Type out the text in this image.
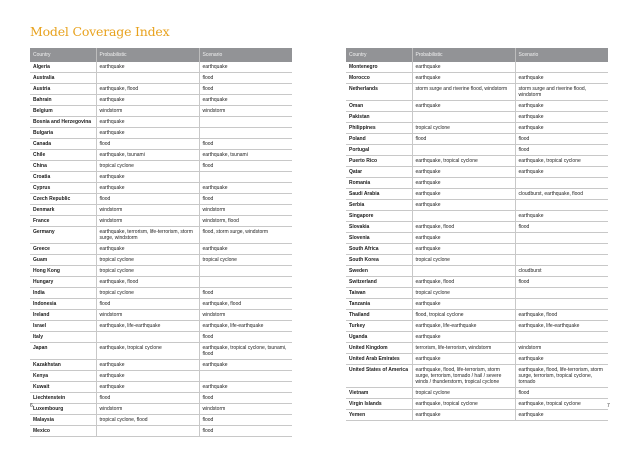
Model Coverage Index
Country	Probabilistic	Scenario
Algeria	earthquake	earthquake
Australia		flood
Austria	earthquake, flood	flood
Bahrain	earthquake	earthquake
Belgium	windstorm	windstorm
Bosnia and Herzegovina	earthquake	
Bulgaria	earthquake	
Canada	flood	flood
Chile	earthquake, tsunami	earthquake, tsunami
China	tropical cyclone	flood
Croatia	earthquake	
Cyprus	earthquake	earthquake
Czech Republic	flood	flood
Denmark	windstorm	windstorm
France	windstorm	windstorm, flood
Germany	earthquake, terrorism, life-terrorism, storm surge, windstorm	flood, storm surge, windstorm
Greece	earthquake	earthquake
Guam	tropical cyclone	tropical cyclone
Hong Kong	tropical cyclone	
Hungary	earthquake, flood	
India	tropical cyclone	flood
Indonesia	flood	earthquake, flood
Ireland	windstorm	windstorm
Israel	earthquake, life-earthquake	earthquake, life-earthquake
Italy		flood
Japan	earthquake, tropical cyclone	earthquake, tropical cyclone, tsunami, flood
Kazakhstan	earthquake	earthquake
Kenya	earthquake	
Kuwait	earthquake	earthquake
Liechtenstein	flood	flood
Luxembourg	windstorm	windstorm
Malaysia	tropical cyclone, flood	flood
Mexico		flood
Country	Probabilistic	Scenario
Montenegro	earthquake	
Morocco	earthquake	earthquake
Netherlands	storm surge and riverine flood, windstorm	storm surge and riverine flood, windstorm
Oman	earthquake	earthquake
Pakistan		earthquake
Philippines	tropical cyclone	earthquake
Poland	flood	flood
Portugal		flood
Puerto Rico	earthquake, tropical cyclone	earthquake, tropical cyclone
Qatar	earthquake	earthquake
Romania	earthquake	
Saudi Arabia	earthquake	cloudburst, earthquake, flood
Serbia	earthquake	
Singapore		earthquake
Slovakia	earthquake, flood	flood
Slovenia	earthquake	
South Africa	earthquake	
South Korea	tropical cyclone	
Sweden		cloudburst
Switzerland	earthquake, flood	flood
Taiwan	tropical cyclone	
Tanzania	earthquake	
Thailand	flood, tropical cyclone	earthquake, flood
Turkey	earthquake, life-earthquake	earthquake, life-earthquake
Uganda	earthquake	
United Kingdom	terrorism, life-terrorism, windstorm	windstorm
United Arab Emirates	earthquake	earthquake
United States of America	earthquake, flood, life-terrorism, storm surge, terrorism, tornado / hail / severe winds / thunderstorm, tropical cyclone	earthquake, flood, life-terrorism, storm surge, terrorism, tropical cyclone, tornado
Vietnam	tropical cyclone	flood
Virgin Islands	earthquake, tropical cyclone	earthquake, tropical cyclone
Yemen	earthquake	earthquake
6	7
